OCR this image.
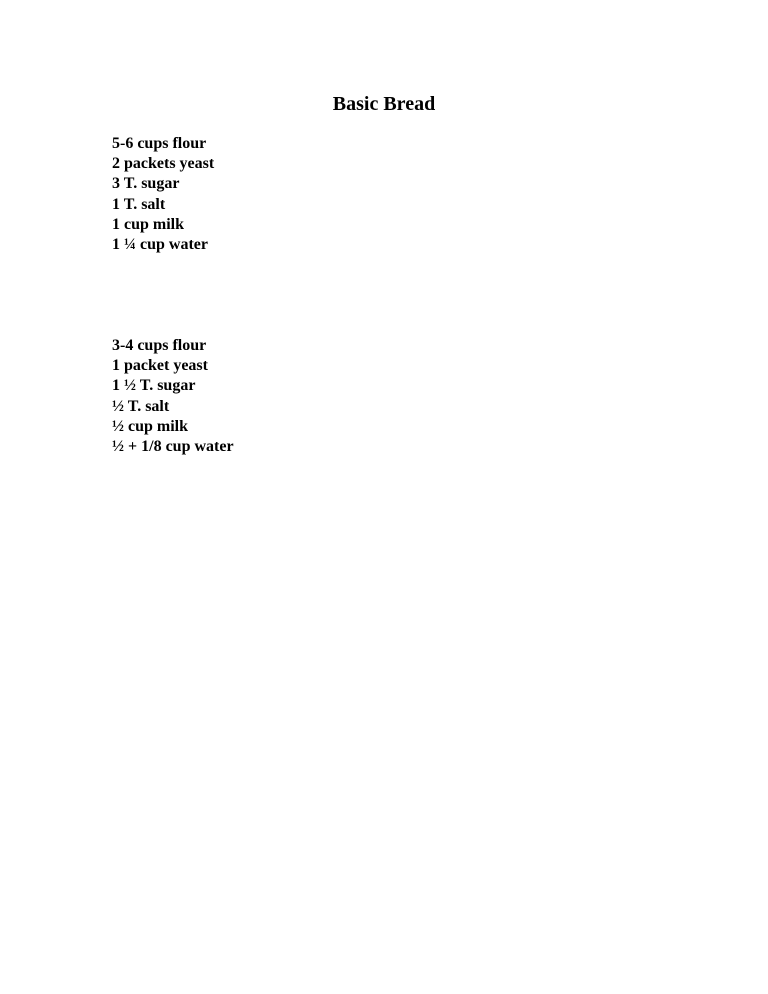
Basic Bread
5-6 cups flour
2 packets yeast
3 T. sugar
1 T. salt
1 cup milk
1 ¼ cup water
3-4 cups flour
1 packet yeast
1 ½ T. sugar
½ T. salt
½ cup milk
½ + 1/8 cup water
